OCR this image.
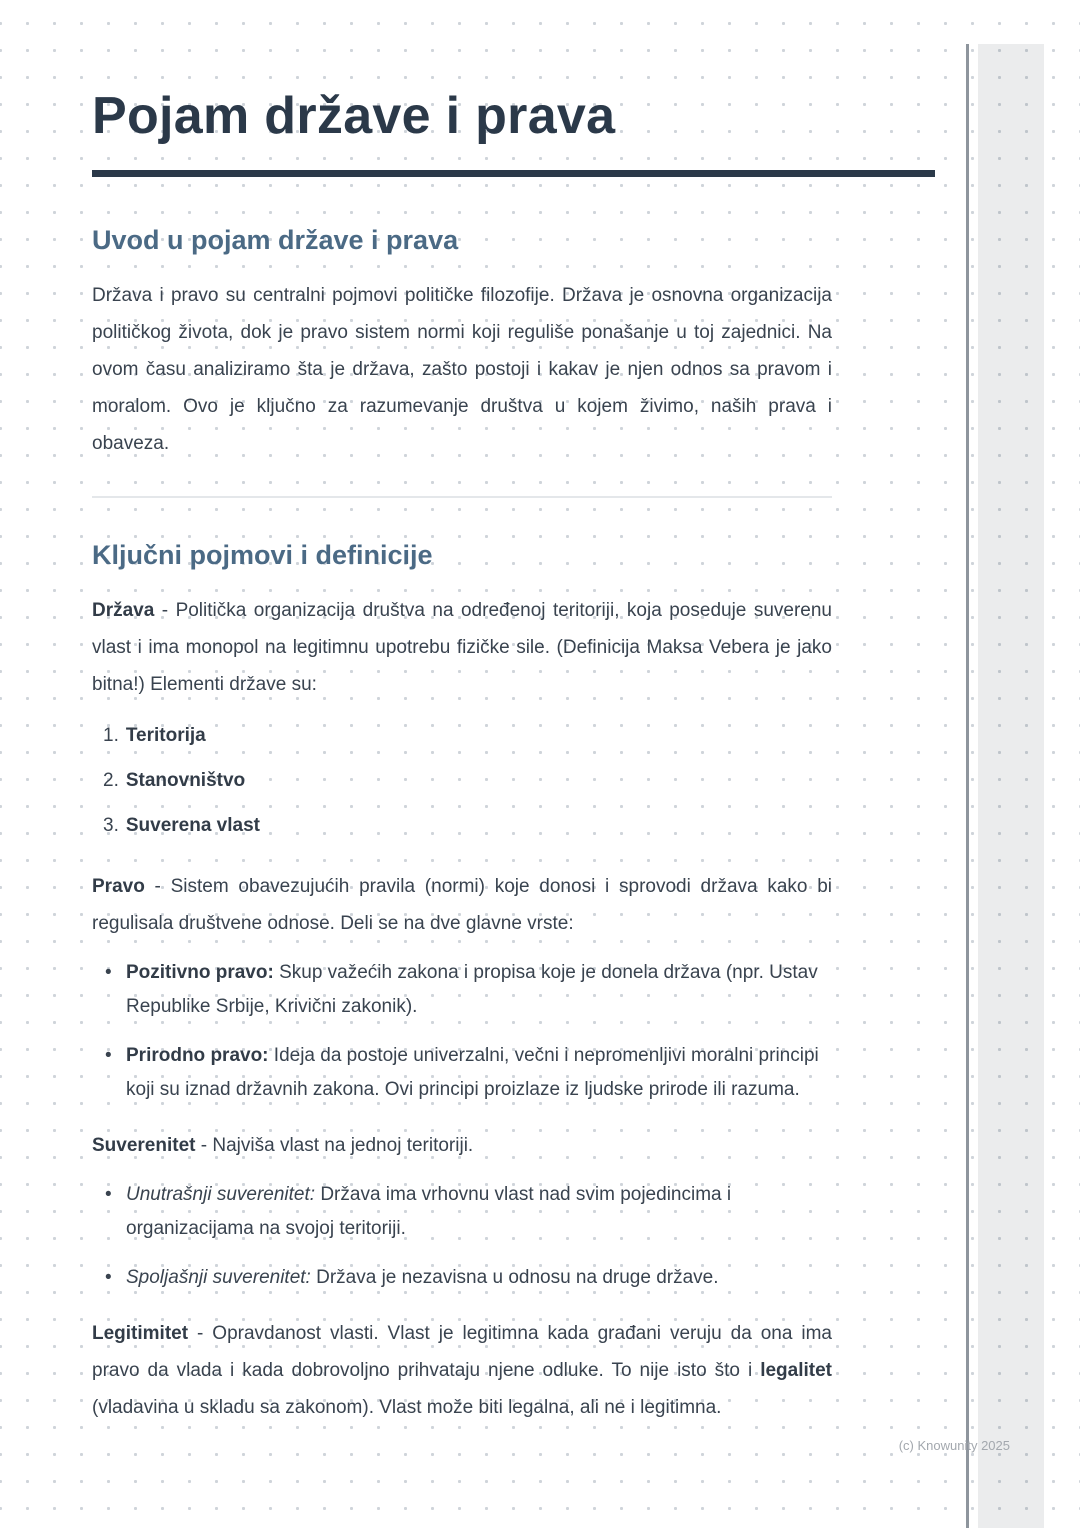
Pojam države i prava
Uvod u pojam države i prava

Država i pravo su centralni pojmovi političke filozofije. Država je osnovna organizacija političkog života, dok je pravo sistem normi koji reguliše ponašanje u toj zajednici. Na ovom času analiziramo šta je država, zašto postoji i kakav je njen odnos sa pravom i moralom. Ovo je ključno za razumevanje društva u kojem živimo, naših prava i obaveza.

Ključni pojmovi i definicije

Država - Politička organizacija društva na određenoj teritoriji, koja poseduje suverenu vlast i ima monopol na legitimnu upotrebu fizičke sile. (Definicija Maksa Vebera je jako bitna!) Elementi države su:

1. Teritorija
2. Stanovništvo
3. Suverena vlast

Pravo - Sistem obavezujućih pravila (normi) koje donosi i sprovodi država kako bi regulisala društvene odnose. Deli se na dve glavne vrste:

• Pozitivno pravo: Skup važećih zakona i propisa koje je donela država (npr. Ustav Republike Srbije, Krivični zakonik).
• Prirodno pravo: Ideja da postoje univerzalni, večni i nepromenljivi moralni principi koji su iznad državnih zakona. Ovi principi proizlaze iz ljudske prirode ili razuma.

Suverenitet - Najviša vlast na jednoj teritoriji.

• Unutrašnji suverenitet: Država ima vrhovnu vlast nad svim pojedincima i organizacijama na svojoj teritoriji.
• Spoljašnji suverenitet: Država je nezavisna u odnosu na druge države.

Legitimitet - Opravdanost vlasti. Vlast je legitimna kada građani veruju da ona ima pravo da vlada i kada dobrovoljno prihvataju njene odluke. To nije isto što i legalitet (vladavina u skladu sa zakonom). Vlast može biti legalna, ali ne i legitimna.

(c) Knowunity 2025
